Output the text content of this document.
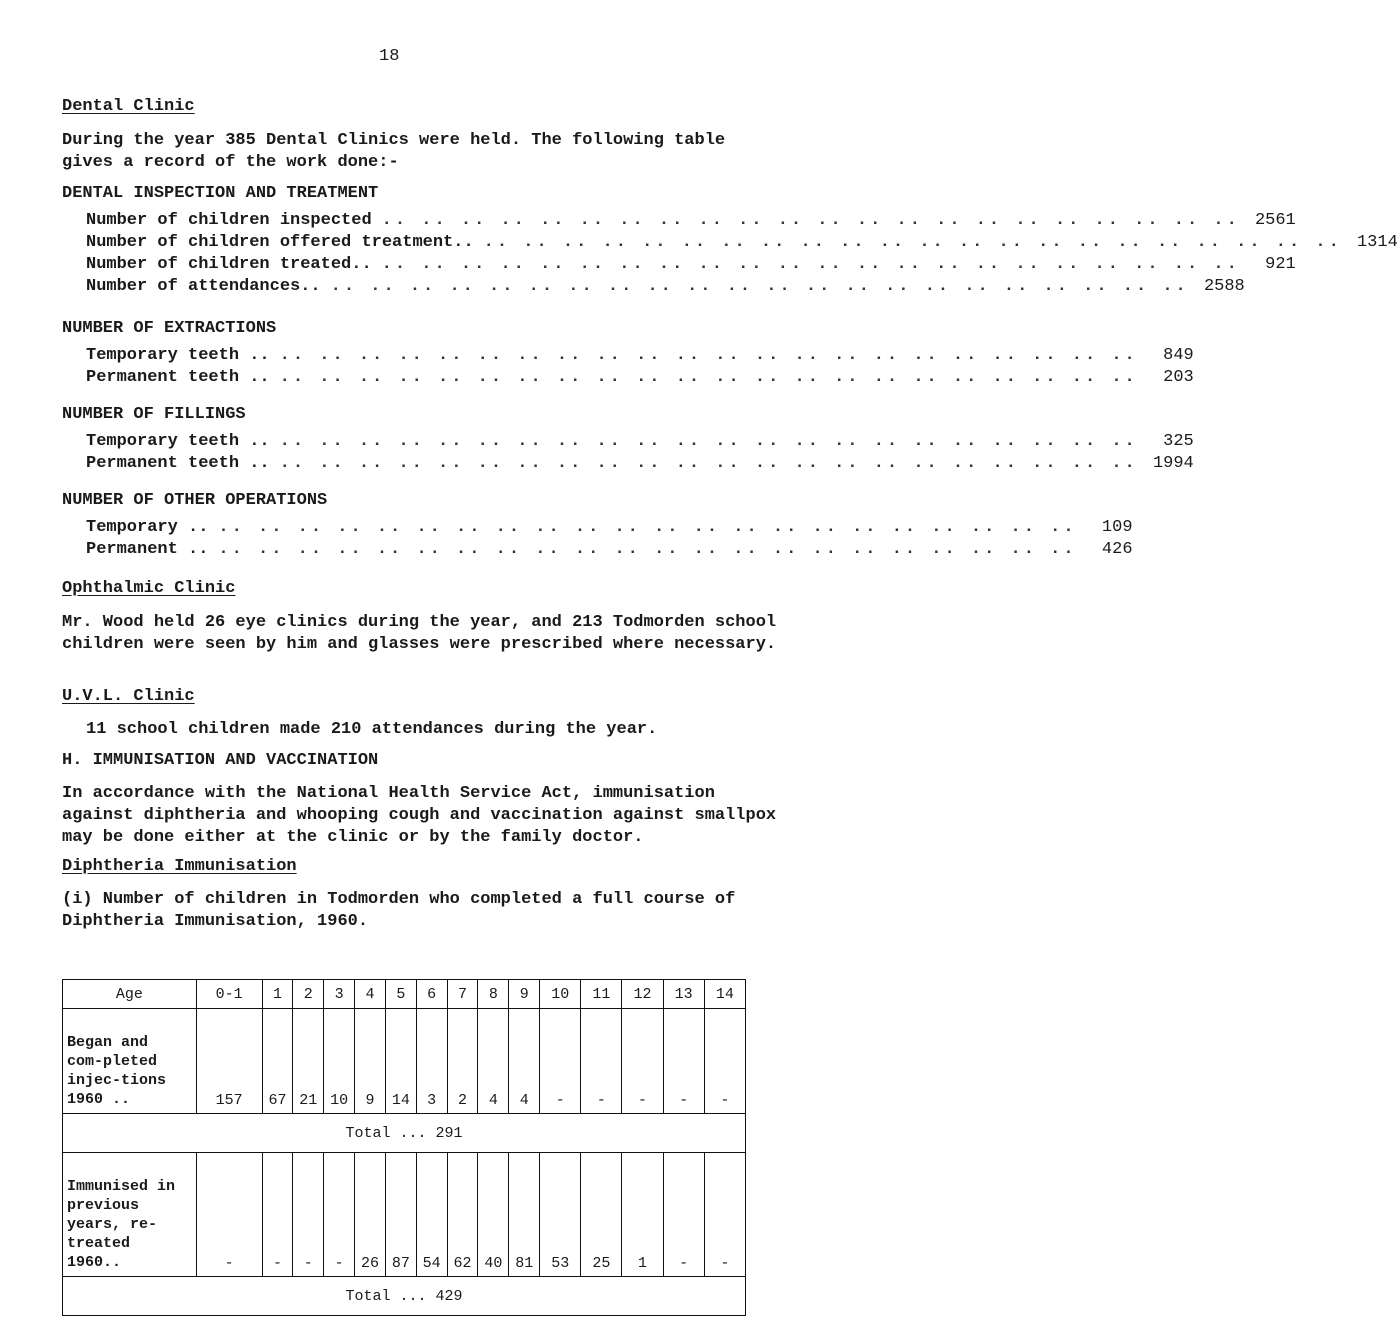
18
Dental Clinic
During the year 385 Dental Clinics were held. The following table gives a record of the work done:-
DENTAL INSPECTION AND TREATMENT
Number of children inspected .. .. .. .. .. .. .. .. .. .. .. .. .. .. .. .. .. .. .. .. .. .. 2561
Number of children offered treatment.. .. .. .. .. .. .. .. .. .. .. .. .. .. .. .. .. .. .. .. .. .. .. 1314
Number of children treated.. .. .. .. .. .. .. .. .. .. .. .. .. .. .. .. .. .. .. .. .. .. ..	921
Number of attendances.. .. .. .. .. .. .. .. .. .. .. .. .. .. .. .. .. .. .. .. .. .. .. 2588
NUMBER OF EXTRACTIONS
Temporary teeth .. .. .. .. .. .. .. .. .. .. .. .. .. .. .. .. .. .. .. .. .. .. ..	849
Permanent teeth .. .. .. .. .. .. .. .. .. .. .. .. .. .. .. .. .. .. .. .. .. .. ..	203
NUMBER OF FILLINGS
Temporary teeth .. .. .. .. .. .. .. .. .. .. .. .. .. .. .. .. .. .. .. .. .. .. ..	325
Permanent teeth .. .. .. .. .. .. .. .. .. .. .. .. .. .. .. .. .. .. .. .. .. .. .. 1994
NUMBER OF OTHER OPERATIONS
Temporary .. .. .. .. .. .. .. .. .. .. .. .. .. .. .. .. .. .. .. .. .. .. ..	109
Permanent .. .. .. .. .. .. .. .. .. .. .. .. .. .. .. .. .. .. .. .. .. .. ..	426
Ophthalmic Clinic
Mr. Wood held 26 eye clinics during the year, and 213 Todmorden school children were seen by him and glasses were prescribed where necessary.
U.V.L. Clinic
11 school children made 210 attendances during the year.
H. IMMUNISATION AND VACCINATION
In accordance with the National Health Service Act, immunisation against diphtheria and whooping cough and vaccination against smallpox may be done either at the clinic or by the family doctor.
Diphtheria Immunisation
(i) Number of children in Todmorden who completed a full course of Diphtheria Immunisation, 1960.
Age	0-1	1	2	3	4	5	6	7	8	9	10	11	12	13	14
Began and com-pleted injec-tions 1960 ..	157	67	21	10	9	14	3	2	4	4	-	-	-	-	-
Total ... 291															
Immunised in previous years, re-treated 1960..	-	-	-	-	26	87	54	62	40	81	53	25	1	-	-
Total ... 429															
